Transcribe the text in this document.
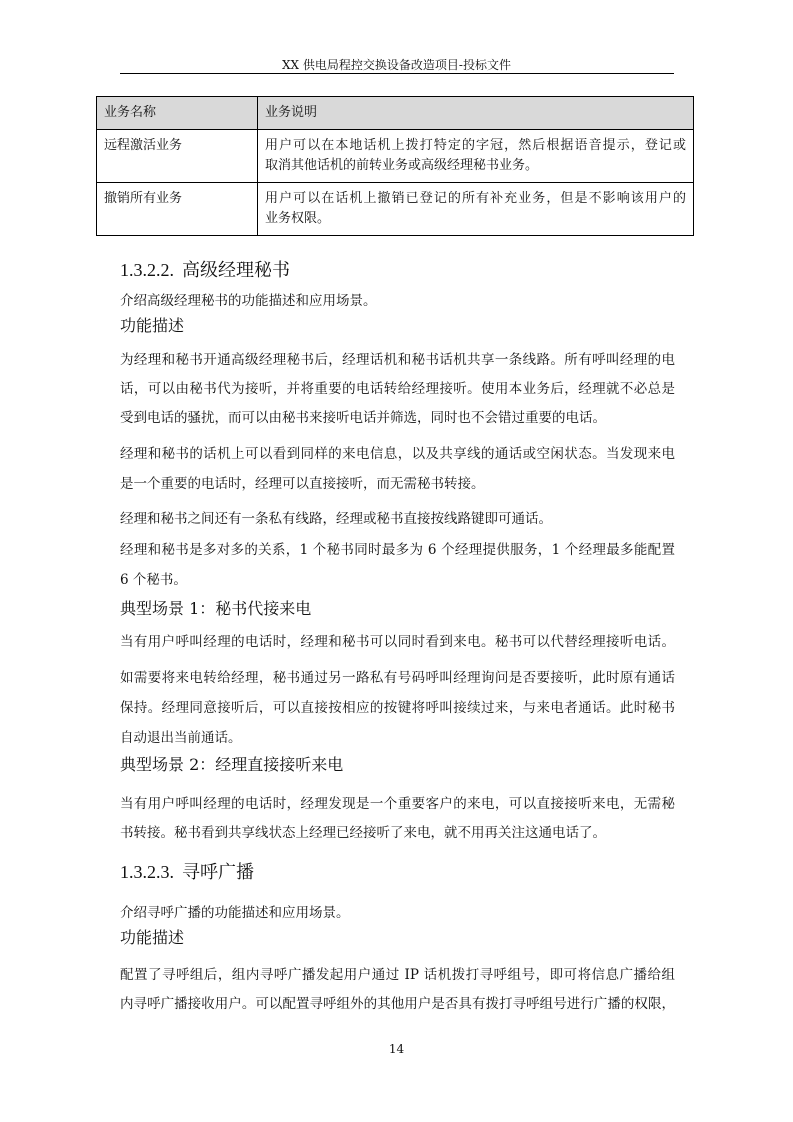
XX 供电局程控交换设备改造项目-投标文件
业务名称	业务说明
远程激活业务	用户可以在本地话机上拨打特定的字冠，然后根据语音提示，登记或
取消其他话机的前转业务或高级经理秘书业务。

撤销所有业务	用户可以在话机上撤销已登记的所有补充业务，但是不影响该用户的
业务权限。
1.3.2.2. 高级经理秘书
介绍高级经理秘书的功能描述和应用场景。
功能描述
为经理和秘书开通高级经理秘书后，经理话机和秘书话机共享一条线路。所有呼叫经理的电
话，可以由秘书代为接听，并将重要的电话转给经理接听。使用本业务后，经理就不必总是
受到电话的骚扰，而可以由秘书来接听电话并筛选，同时也不会错过重要的电话。
经理和秘书的话机上可以看到同样的来电信息，以及共享线的通话或空闲状态。当发现来电
是一个重要的电话时，经理可以直接接听，而无需秘书转接。
经理和秘书之间还有一条私有线路，经理或秘书直接按线路键即可通话。
经理和秘书是多对多的关系，1 个秘书同时最多为 6 个经理提供服务，1 个经理最多能配置
6 个秘书。
典型场景 1：秘书代接来电
当有用户呼叫经理的电话时，经理和秘书可以同时看到来电。秘书可以代替经理接听电话。
如需要将来电转给经理，秘书通过另一路私有号码呼叫经理询问是否要接听，此时原有通话
保持。经理同意接听后，可以直接按相应的按键将呼叫接续过来，与来电者通话。此时秘书
自动退出当前通话。
典型场景 2：经理直接接听来电
当有用户呼叫经理的电话时，经理发现是一个重要客户的来电，可以直接接听来电，无需秘
书转接。秘书看到共享线状态上经理已经接听了来电，就不用再关注这通电话了。
1.3.2.3. 寻呼广播
介绍寻呼广播的功能描述和应用场景。
功能描述
配置了寻呼组后，组内寻呼广播发起用户通过 IP 话机拨打寻呼组号，即可将信息广播给组
内寻呼广播接收用户。可以配置寻呼组外的其他用户是否具有拨打寻呼组号进行广播的权限，
14
